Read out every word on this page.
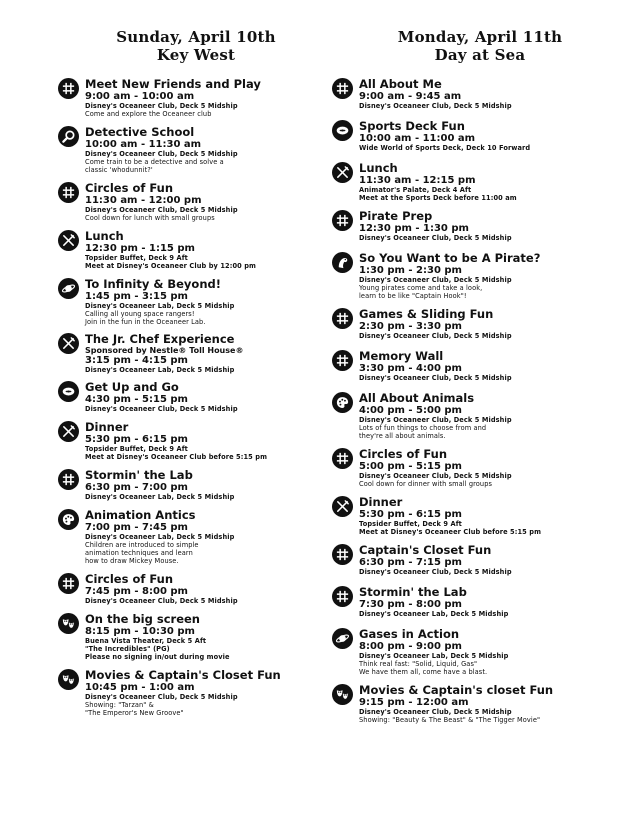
Sunday, April 10th
Key West
Meet New Friends and Play
9:00 am - 10:00 am
Disney's Oceaneer Club, Deck 5 Midship
Come and explore the Oceaneer club
Detective School
10:00 am - 11:30 am
Disney's Oceaneer Club, Deck 5 Midship
Come train to be a detective and solve a
classic 'whodunnit?'
Circles of Fun
11:30 am - 12:00 pm
Disney's Oceaneer Club, Deck 5 Midship
Cool down for lunch with small groups
Lunch
12:30 pm - 1:15 pm
Topsider Buffet, Deck 9 Aft
Meet at Disney's Oceaneer Club by 12:00 pm
To Infinity & Beyond!
1:45 pm - 3:15 pm
Disney's Oceaneer Lab, Deck 5 Midship
Calling all young space rangers!
Join in the fun in the Oceaneer Lab.
The Jr. Chef Experience
Sponsored by Nestle® Toll House®
3:15 pm - 4:15 pm
Disney's Oceaneer Lab, Deck 5 Midship
Get Up and Go
4:30 pm - 5:15 pm
Disney's Oceaneer Club, Deck 5 Midship
Dinner
5:30 pm - 6:15 pm
Topsider Buffet, Deck 9 Aft
Meet at Disney's Oceaneer Club before 5:15 pm
Stormin' the Lab
6:30 pm - 7:00 pm
Disney's Oceaneer Lab, Deck 5 Midship
Animation Antics
7:00 pm - 7:45 pm
Disney's Oceaneer Lab, Deck 5 Midship
Children are introduced to simple
animation techniques and learn
how to draw Mickey Mouse.
Circles of Fun
7:45 pm - 8:00 pm
Disney's Oceaneer Club, Deck 5 Midship
On the big screen
8:15 pm - 10:30 pm
Buena Vista Theater, Deck 5 Aft
"The Incredibles" (PG)
Please no signing in/out during movie
Movies & Captain's Closet Fun
10:45 pm - 1:00 am
Disney's Oceaneer Club, Deck 5 Midship
Showing: "Tarzan" &
"The Emperor's New Groove"
Monday, April 11th
Day at Sea
All About Me
9:00 am - 9:45 am
Disney's Oceaneer Club, Deck 5 Midship
Sports Deck Fun
10:00 am - 11:00 am
Wide World of Sports Deck, Deck 10 Forward
Lunch
11:30 am - 12:15 pm
Animator's Palate, Deck 4 Aft
Meet at the Sports Deck before 11:00 am
Pirate Prep
12:30 pm - 1:30 pm
Disney's Oceaneer Club, Deck 5 Midship
So You Want to be A Pirate?
1:30 pm - 2:30 pm
Disney's Oceaneer Club, Deck 5 Midship
Young pirates come and take a look,
learn to be like "Captain Hook"!
Games & Sliding Fun
2:30 pm - 3:30 pm
Disney's Oceaneer Club, Deck 5 Midship
Memory Wall
3:30 pm - 4:00 pm
Disney's Oceaneer Club, Deck 5 Midship
All About Animals
4:00 pm - 5:00 pm
Disney's Oceaneer Club, Deck 5 Midship
Lots of fun things to choose from and
they're all about animals.
Circles of Fun
5:00 pm - 5:15 pm
Disney's Oceaneer Club, Deck 5 Midship
Cool down for dinner with small groups
Dinner
5:30 pm - 6:15 pm
Topsider Buffet, Deck 9 Aft
Meet at Disney's Oceaneer Club before 5:15 pm
Captain's Closet Fun
6:30 pm - 7:15 pm
Disney's Oceaneer Club, Deck 5 Midship
Stormin' the Lab
7:30 pm - 8:00 pm
Disney's Oceaneer Lab, Deck 5 Midship
Gases in Action
8:00 pm - 9:00 pm
Disney's Oceaneer Lab, Deck 5 Midship
Think real fast: "Solid, Liquid, Gas"
We have them all, come have a blast.
Movies & Captain's closet Fun
9:15 pm - 12:00 am
Disney's Oceaneer Club, Deck 5 Midship
Showing: "Beauty & The Beast" & "The Tigger Movie"
